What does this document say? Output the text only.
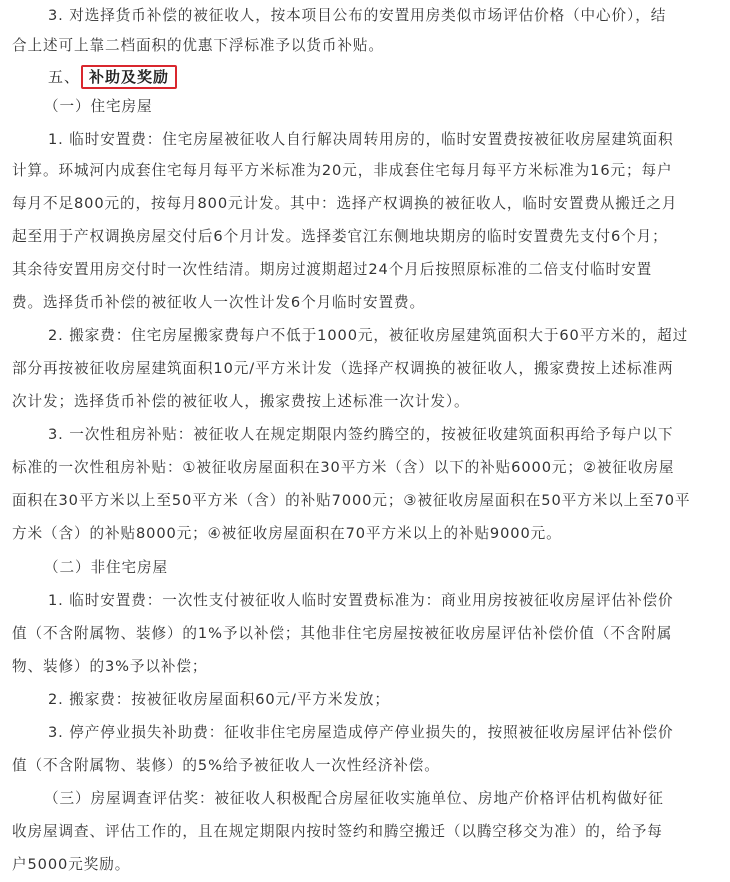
3. 对选择货币补偿的被征收人，按本项目公布的安置用房类似市场评估价格（中心价），结

合上述可上靠二档面积的优惠下浮标准予以货币补贴。

五、 补助及奖励

（一）住宅房屋

1. 临时安置费：住宅房屋被征收人自行解决周转用房的，临时安置费按被征收房屋建筑面积

计算。环城河内成套住宅每月每平方米标准为20元，非成套住宅每月每平方米标准为16元；每户

每月不足800元的，按每月800元计发。其中：选择产权调换的被征收人，临时安置费从搬迁之月

起至用于产权调换房屋交付后6个月计发。选择娄官江东侧地块期房的临时安置费先支付6个月；

其余待安置用房交付时一次性结清。期房过渡期超过24个月后按照原标准的二倍支付临时安置

费。选择货币补偿的被征收人一次性计发6个月临时安置费。

2. 搬家费：住宅房屋搬家费每户不低于1000元，被征收房屋建筑面积大于60平方米的，超过

部分再按被征收房屋建筑面积10元/平方米计发（选择产权调换的被征收人，搬家费按上述标准两

次计发；选择货币补偿的被征收人，搬家费按上述标准一次计发）。

3. 一次性租房补贴：被征收人在规定期限内签约腾空的，按被征收建筑面积再给予每户以下

标准的一次性租房补贴：①被征收房屋面积在30平方米（含）以下的补贴6000元；②被征收房屋

面积在30平方米以上至50平方米（含）的补贴7000元；③被征收房屋面积在50平方米以上至70平

方米（含）的补贴8000元；④被征收房屋面积在70平方米以上的补贴9000元。

（二）非住宅房屋

1. 临时安置费：一次性支付被征收人临时安置费标准为：商业用房按被征收房屋评估补偿价

值（不含附属物、装修）的1%予以补偿；其他非住宅房屋按被征收房屋评估补偿价值（不含附属

物、装修）的3%予以补偿；

2. 搬家费：按被征收房屋面积60元/平方米发放；

3. 停产停业损失补助费：征收非住宅房屋造成停产停业损失的，按照被征收房屋评估补偿价

值（不含附属物、装修）的5%给予被征收人一次性经济补偿。

（三）房屋调查评估奖：被征收人积极配合房屋征收实施单位、房地产价格评估机构做好征

收房屋调查、评估工作的，且在规定期限内按时签约和腾空搬迁（以腾空移交为准）的，给予每

户5000元奖励。
